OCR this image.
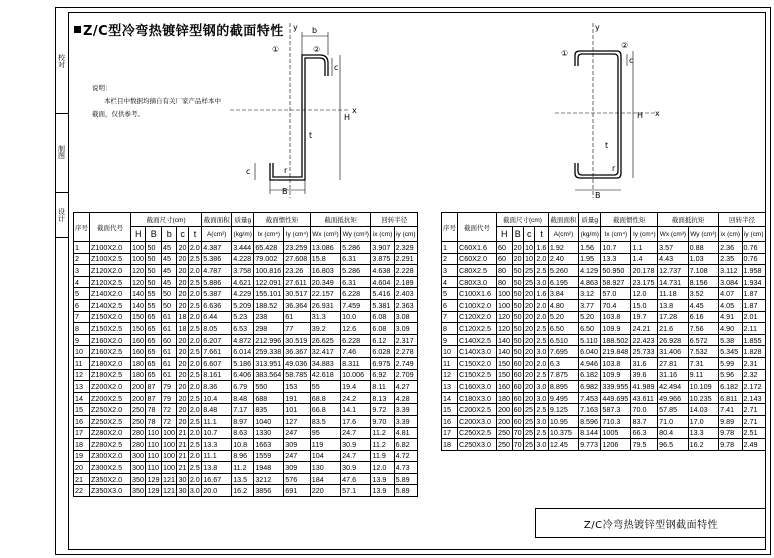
校对
制图
设计
Z/C型冷弯热镀锌型钢的截面特性
说明：
本栏目中数据均摘自有关厂家产品样本中
截面，仅供参考。
b
c
c
t
r
H
B
x
y
①	②
c
t
r
H
B
x
y
①
②
序号	截面代号	截面尺寸(cm)					截面面积	质量g	截面惯性矩		截面抵抗矩		回转半径	
		H	B	b	c	t	A(cm²)	(kg/m)	Ix (cm⁴)	Iy (cm⁴)	Wx (cm³)	Wy (cm³)	ix (cm)	iy (cm)
1	Z100X2.0	100	50	45	20	2.0	4.387	3.444	65.428	23.259	13.086	5.286	3.907	2.329
2	Z100X2.5	100	50	45	20	2.5	5.386	4.228	79.002	27.608	15.8	6.31	3.875	2.291
3	Z120X2.0	120	50	45	20	2.0	4.787	3.758	100.816	23.26	16.803	5.286	4.638	2.228
4	Z120X2.5	120	50	45	20	2.5	5.886	4.621	122.091	27.611	20.349	6.31	4.604	2.189
5	Z140X2.0	140	55	50	20	2.0	5.387	4.229	155.101	30.517	22.157	6.228	5.416	2.403
6	Z140X2.5	140	55	50	20	2.5	6.636	5.209	188.52	36.364	26.931	7.459	5.381	2.363
7	Z150X2.0	150	65	61	18	2.0	6.44	5.23	238	61	31.3	10.0	6.08	3.08
8	Z150X2.5	150	65	61	18	2.5	8.05	6.53	298	77	39.2	12.6	6.08	3.09
9	Z160X2.0	160	65	60	20	2.0	6.207	4.872	212.996	30.519	26.625	6.228	6.12	2.317
10	Z160X2.5	160	65	61	20	2.5	7.661	6.014	259.338	36.367	32.417	7.46	6.028	2.278
11	Z180X2.0	180	65	61	20	2.0	6.607	5.186	313.951	49.036	34.883	8.311	6.975	2.749
12	Z180X2.5	180	65	61	20	2.5	8.161	6.406	383.564	58.785	42.618	10.006	6.92	2.709
13	Z200X2.0	200	87	79	20	2.0	8.36	6.79	550	153	55	19.4	8.11	4.27
14	Z200X2.5	200	87	79	20	2.5	10.4	8.48	688	191	68.8	24.2	8.13	4.28
15	Z250X2.0	250	78	72	20	2.0	8.48	7.17	835	101	66.8	14.1	9.72	3.39
16	Z250X2.5	250	78	72	20	2.5	11.1	8.97	1040	127	83.5	17.6	9.70	3.39
17	Z280X2.0	280	110	100	21	2.0	10.7	8.63	1330	247	95	24.7	11.2	4.81
18	Z280X2.5	280	110	100	21	2.5	13.3	10.8	1663	309	119	30.9	11.2	6.82
19	Z300X2.0	300	110	100	21	2.0	11.1	8.96	1559	247	104	24.7	11.9	4.72
20	Z300X2.5	300	110	100	21	2.5	13.8	11.2	1948	309	130	30.9	12.0	4.73
21	Z350X2.0	350	129	121	30	2.0	16.67	13.5	3212	576	184	47.6	13.9	5.89
22	Z350X3.0	350	129	121	30	3.0	20.0	16.2	3856	691	220	57.1	13.9	5.89
序号	截面代号	截面尺寸(cm)				截面面积	质量g	截面惯性矩		截面抵抗矩		回转半径	
		H	B	c	t	A(cm²)	(kg/m)	Ix (cm⁴)	Iy (cm⁴)	Wx (cm³)	Wy (cm³)	ix (cm)	iy (cm)
1	C60X1.6	60	20	10	1.6	1.92	1.56	10.7	1.1	3.57	0.88	2.36	0.76
2	C60X2.0	60	20	10	2.0	2.40	1.95	13.3	1.4	4.43	1.03	2.35	0.76
3	C80X2.5	80	50	25	2.5	5.260	4.129	50.950	20.178	12.737	7.108	3.112	1.958
4	C80X3.0	80	50	25	3.0	6.195	4.863	58.927	23.175	14.731	8.156	3.084	1.934
5	C100X1.6	100	50	20	1.6	3.84	3.12	57.0	12.0	11.18	3.52	4.07	1.87
6	C100X2.0	100	50	20	2.0	4.80	3.77	70.4	15.0	13.8	4.45	4.05	1.87
7	C120X2.0	120	50	20	2.0	5.20	5.20	103.8	19.7	17.28	6.16	4.91	2.01
8	C120X2.5	120	50	20	2.5	6.50	6.50	109.9	24.21	21.6	7.56	4.90	2.11
9	C140X2.5	140	50	20	2.5	6.510	5.110	188.502	22.423	26.928	6.572	5.38	1.855
10	C140X3.0	140	50	20	3.0	7.695	6.040	219.848	25.733	31.406	7.532	5.345	1.828
11	C150X2.0	150	60	20	2.0	6.3	4.946	103.8	31.6	27.81	7.31	5.99	2.31
12	C150X2.5	150	60	20	2.5	7.875	6.182	109.9	39.6	31.16	9.11	5.96	2.32
13	C160X3.0	160	60	20	3.0	8.895	6.982	339.955	41.989	42.494	10.109	6.182	2.172
14	C180X3.0	180	60	20	3.0	9.495	7.453	449.695	43.611	49.966	10.235	6.811	2.143
15	C200X2.5	200	60	25	2.5	9.125	7.163	587.3	70.0	57.85	14.03	7.41	2.71
16	C200X3.0	200	60	25	3.0	10.95	8.596	710.3	83.7	71.0	17.0	9.89	2.71
17	C250X2.5	250	70	25	2.5	10.375	8.144	1005	66.3	80.4	13.3	9.78	2.51
18	C250X3.0	250	70	25	3.0	12.45	9.773	1206	79.5	96.5	16.2	9.78	2.49
Z/C冷弯热镀锌型钢截面特性
